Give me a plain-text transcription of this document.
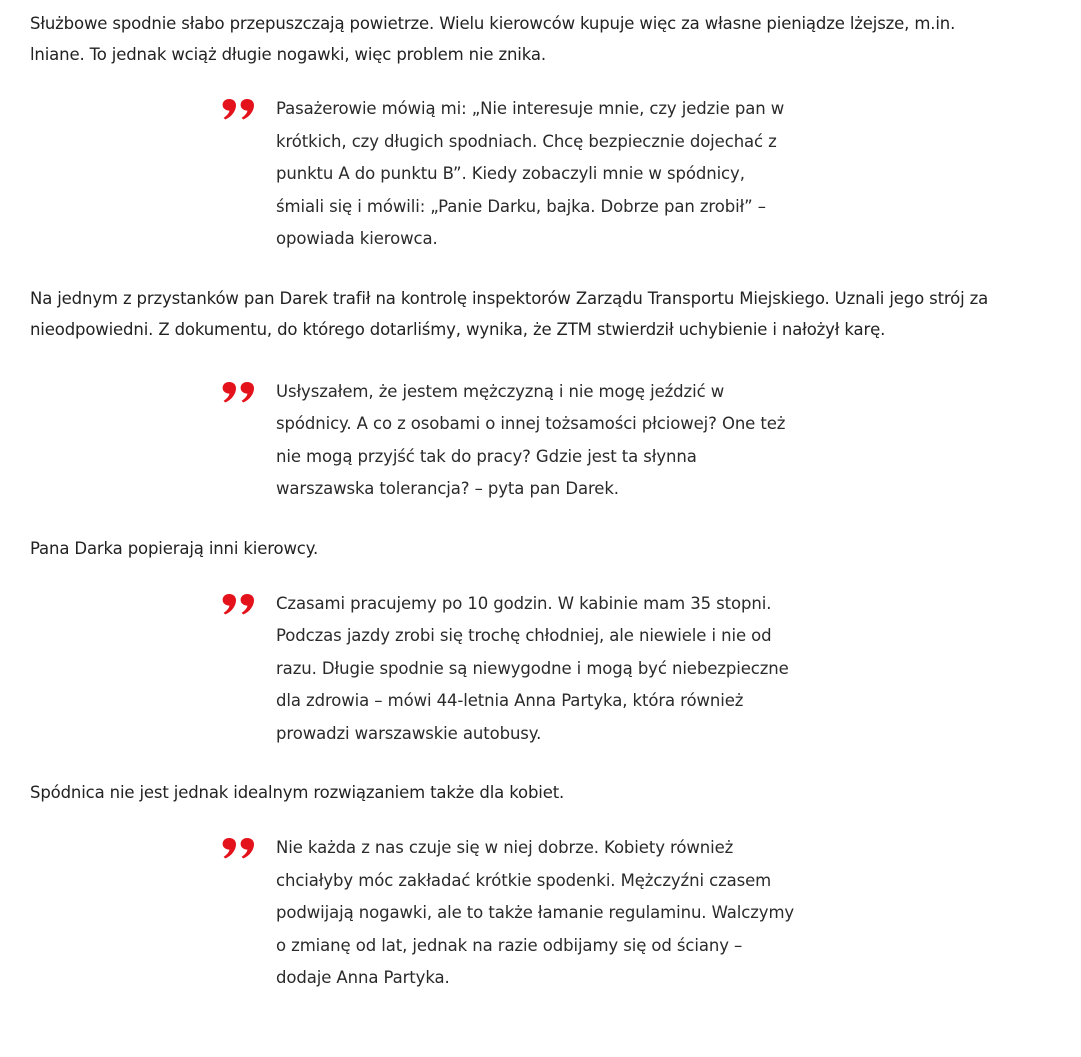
Służbowe spodnie słabo przepuszczają powietrze. Wielu kierowców kupuje więc za własne pieniądze lżejsze, m.in. lniane. To jednak wciąż długie nogawki, więc problem nie znika.

Pasażerowie mówią mi: „Nie interesuje mnie, czy jedzie pan w krótkich, czy długich spodniach. Chcę bezpiecznie dojechać z punktu A do punktu B”. Kiedy zobaczyli mnie w spódnicy, śmiali się i mówili: „Panie Darku, bajka. Dobrze pan zrobił” – opowiada kierowca.

Na jednym z przystanków pan Darek trafił na kontrolę inspektorów Zarządu Transportu Miejskiego. Uznali jego strój za nieodpowiedni. Z dokumentu, do którego dotarliśmy, wynika, że ZTM stwierdził uchybienie i nałożył karę.

Usłyszałem, że jestem mężczyzną i nie mogę jeździć w spódnicy. A co z osobami o innej tożsamości płciowej? One też nie mogą przyjść tak do pracy? Gdzie jest ta słynna warszawska tolerancja? – pyta pan Darek.

Pana Darka popierają inni kierowcy.

Czasami pracujemy po 10 godzin. W kabinie mam 35 stopni. Podczas jazdy zrobi się trochę chłodniej, ale niewiele i nie od razu. Długie spodnie są niewygodne i mogą być niebezpieczne dla zdrowia – mówi 44-letnia Anna Partyka, która również prowadzi warszawskie autobusy.

Spódnica nie jest jednak idealnym rozwiązaniem także dla kobiet.

Nie każda z nas czuje się w niej dobrze. Kobiety również chciałyby móc zakładać krótkie spodenki. Mężczyźni czasem podwijają nogawki, ale to także łamanie regulaminu. Walczymy o zmianę od lat, jednak na razie odbijamy się od ściany – dodaje Anna Partyka.
